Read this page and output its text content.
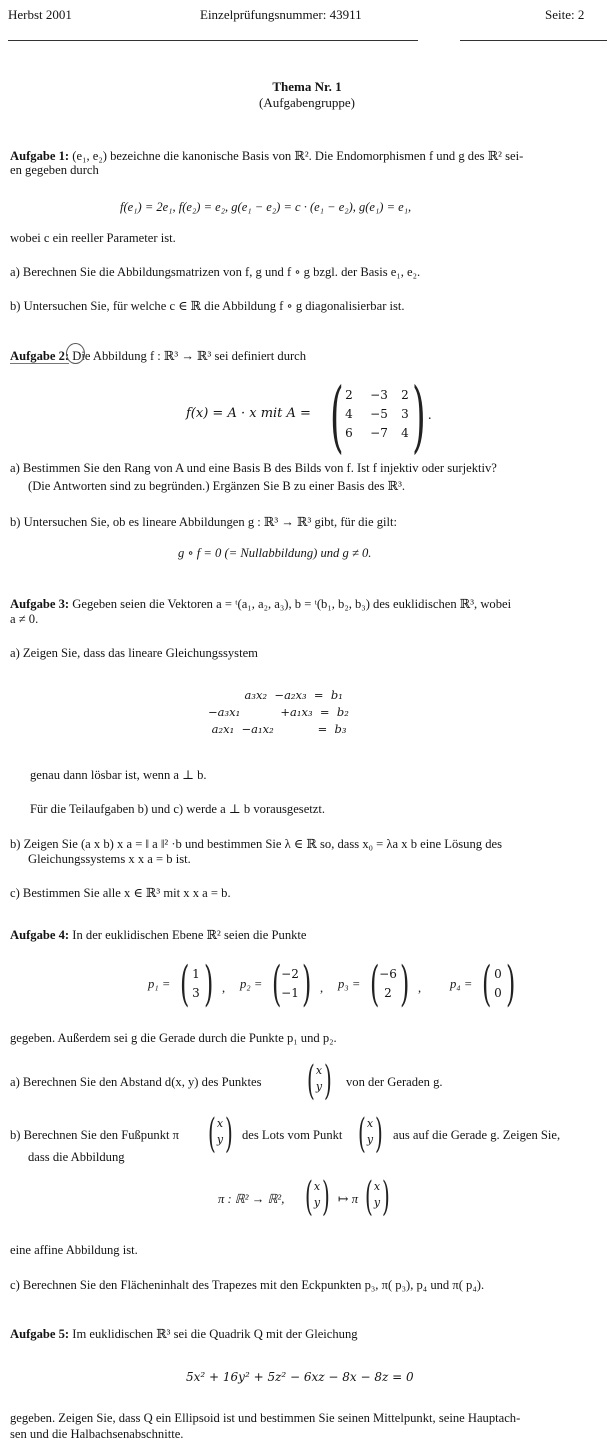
Herbst 2001	Einzelprüfungsnummer: 43911	Seite: 2
Thema Nr. 1
(Aufgabengruppe)
Aufgabe 1: (e₁, e₂) bezeichne die kanonische Basis von ℝ². Die Endomorphismen f und g des ℝ² sei-
en gegeben durch
f(e₁) = 2e₁, f(e₂) = e₂, g(e₁ − e₂) = c · (e₁ − e₂), g(e₁) = e₁,
wobei c ein reeller Parameter ist.
a) Berechnen Sie die Abbildungsmatrizen von f, g und f ∘ g bzgl. der Basis e₁, e₂.
b) Untersuchen Sie, für welche c ∈ ℝ die Abbildung f ∘ g diagonalisierbar ist.
Aufgabe 2: Die Abbildung f : ℝ³ → ℝ³ sei definiert durch
f(x) = A · x mit A = ( )
2	−3	2
4	−5	3
6	−7	4
.
a) Bestimmen Sie den Rang von A und eine Basis B des Bilds von f. Ist f injektiv oder surjektiv?
(Die Antworten sind zu begründen.) Ergänzen Sie B zu einer Basis des ℝ³.
b) Untersuchen Sie, ob es lineare Abbildungen g : ℝ³ → ℝ³ gibt, für die gilt:
g ∘ f = 0 (= Nullabbildung) und g ≠ 0.
Aufgabe 3: Gegeben seien die Vektoren a = ᵗ(a₁, a₂, a₃), b = ᵗ(b₁, b₂, b₃) des euklidischen ℝ³, wobei
a ≠ 0.
a) Zeigen Sie, dass das lineare Gleichungssystem
a₃x₂  −a₂x₃  =  b₁
−a₃x₁           +a₁x₃  =  b₂
a₂x₁  −a₁x₂            =  b₃
genau dann lösbar ist, wenn a ⊥ b.
Für die Teilaufgaben b) und c) werde a ⊥ b vorausgesetzt.
b) Zeigen Sie (a x b) x a = ‖ a ‖² ·b und bestimmen Sie λ ∈ ℝ so, dass x₀ = λa x b eine Lösung des
Gleichungssystems x x a = b ist.
c) Bestimmen Sie alle x ∈ ℝ³ mit x x a = b.
Aufgabe 4: In der euklidischen Ebene ℝ² seien die Punkte
p₁ = ( 1
3 ) , p₂ = ( −2
−1 ) , p₃ = ( −6
2 ) , p₄ = ( 0
0 )
gegeben. Außerdem sei g die Gerade durch die Punkte p₁ und p₂.
a) Berechnen Sie den Abstand d(x, y) des Punktes ( x
y ) von der Geraden g.
b) Berechnen Sie den Fußpunkt π ( x
y ) des Lots vom Punkt ( x
y ) aus auf die Gerade g. Zeigen Sie,
dass die Abbildung
π : ℝ² → ℝ², ( x
y ) ↦ π ( x
y )
eine affine Abbildung ist.
c) Berechnen Sie den Flächeninhalt des Trapezes mit den Eckpunkten p₃, π( p₃), p₄ und π( p₄).
Aufgabe 5: Im euklidischen ℝ³ sei die Quadrik Q mit der Gleichung
5x² + 16y² + 5z² − 6xz − 8x − 8z = 0
gegeben. Zeigen Sie, dass Q ein Ellipsoid ist und bestimmen Sie seinen Mittelpunkt, seine Hauptach-
sen und die Halbachsenabschnitte.
